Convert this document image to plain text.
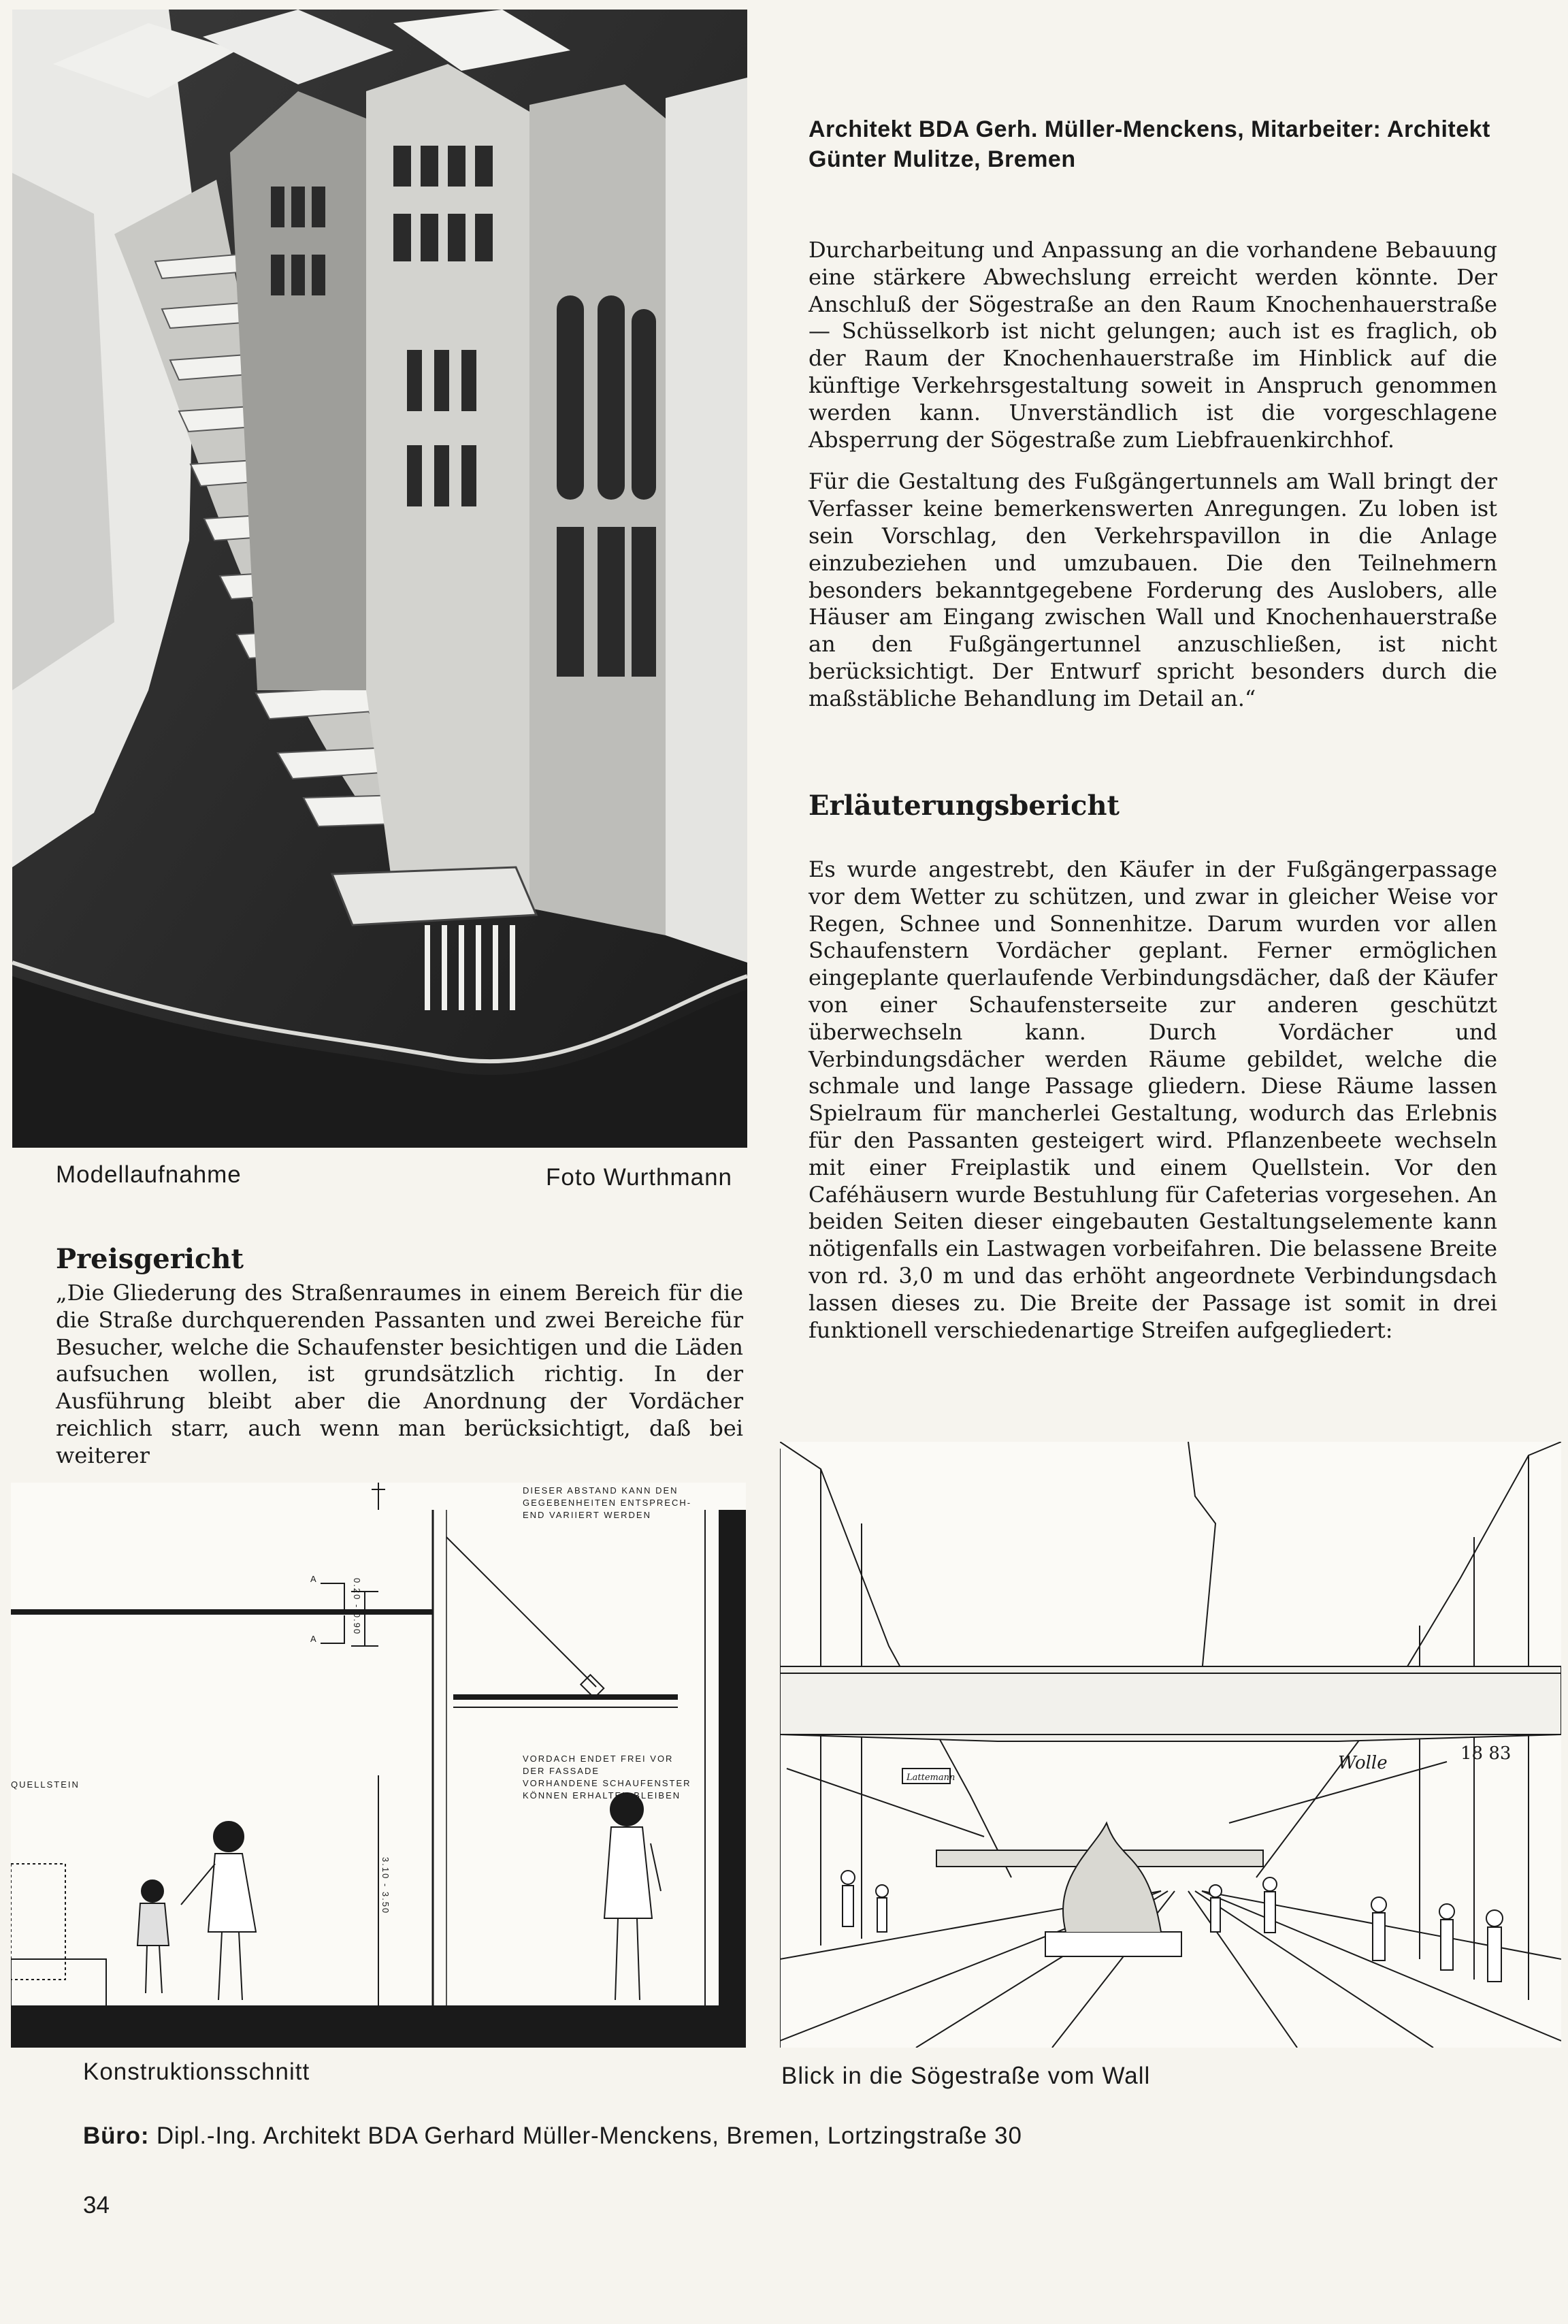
Modellaufnahme	Foto Wurthmann
Architekt BDA Gerh. Müller-Menckens, Mitarbeiter: Architekt
Günter Mulitze, Bremen

Durcharbeitung und Anpassung an die vorhandene Bebauung eine stärkere Abwechslung erreicht werden könnte. Der Anschluß der Sögestraße an den Raum Knochenhauerstraße — Schüsselkorb ist nicht gelungen; auch ist es fraglich, ob der Raum der Knochenhauerstraße im Hinblick auf die künftige Verkehrsgestaltung soweit in Anspruch genommen werden kann. Unverständlich ist die vorgeschlagene Absperrung der Sögestraße zum Liebfrauenkirchhof.

Für die Gestaltung des Fußgängertunnels am Wall bringt der Verfasser keine bemerkenswerten Anregungen. Zu loben ist sein Vorschlag, den Verkehrspavillon in die Anlage einzubeziehen und umzubauen. Die den Teilnehmern besonders bekanntgegebene Forderung des Auslobers, alle Häuser am Eingang zwischen Wall und Knochenhauerstraße an den Fußgängertunnel anzuschließen, ist nicht berücksichtigt. Der Entwurf spricht besonders durch die maßstäbliche Behandlung im Detail an.“

Erläuterungsbericht

Es wurde angestrebt, den Käufer in der Fußgängerpassage vor dem Wetter zu schützen, und zwar in gleicher Weise vor Regen, Schnee und Sonnenhitze. Darum wurden vor allen Schaufenstern Vordächer geplant. Ferner ermöglichen eingeplante querlaufende Verbindungsdächer, daß der Käufer von einer Schaufensterseite zur anderen geschützt überwechseln kann. Durch Vordächer und Verbindungsdächer werden Räume gebildet, welche die schmale und lange Passage gliedern. Diese Räume lassen Spielraum für mancherlei Gestaltung, wodurch das Erlebnis für den Passanten gesteigert wird. Pflanzenbeete wechseln mit einer Freiplastik und einem Quellstein. Vor den Caféhäusern wurde Bestuhlung für Cafeterias vorgesehen. An beiden Seiten dieser eingebauten Gestaltungselemente kann nötigenfalls ein Lastwagen vorbeifahren. Die belassene Breite von rd. 3,0 m und das erhöht angeordnete Verbindungsdach lassen dieses zu. Die Breite der Passage ist somit in drei funktionell verschiedenartige Streifen aufgegliedert:

Preisgericht

„Die Gliederung des Straßenraumes in einem Bereich für die die Straße durchquerenden Passanten und zwei Bereiche für Besucher, welche die Schaufenster besichtigen und die Läden aufsuchen wollen, ist grundsätzlich richtig. In der Ausführung bleibt aber die Anordnung der Vordächer reichlich starr, auch wenn man berücksichtigt, daß bei weiterer

DIESER ABSTAND KANN DEN
GEGEBENHEITEN ENTSPRECH-
END VARIIERT WERDEN
VORDACH ENDET FREI VOR
DER FASSADE
VORHANDENE SCHAUFENSTER
KÖNNEN ERHALTEN BLEIBEN
QUELLSTEIN
A
A
0.20 - 0.90
3.10 - 3.50
Konstruktionsschnitt
Lattemann
Wolle	18 83
Blick in die Sögestraße vom Wall
Büro: Dipl.-Ing. Architekt BDA Gerhard Müller-Menckens, Bremen, Lortzingstraße 30
34
